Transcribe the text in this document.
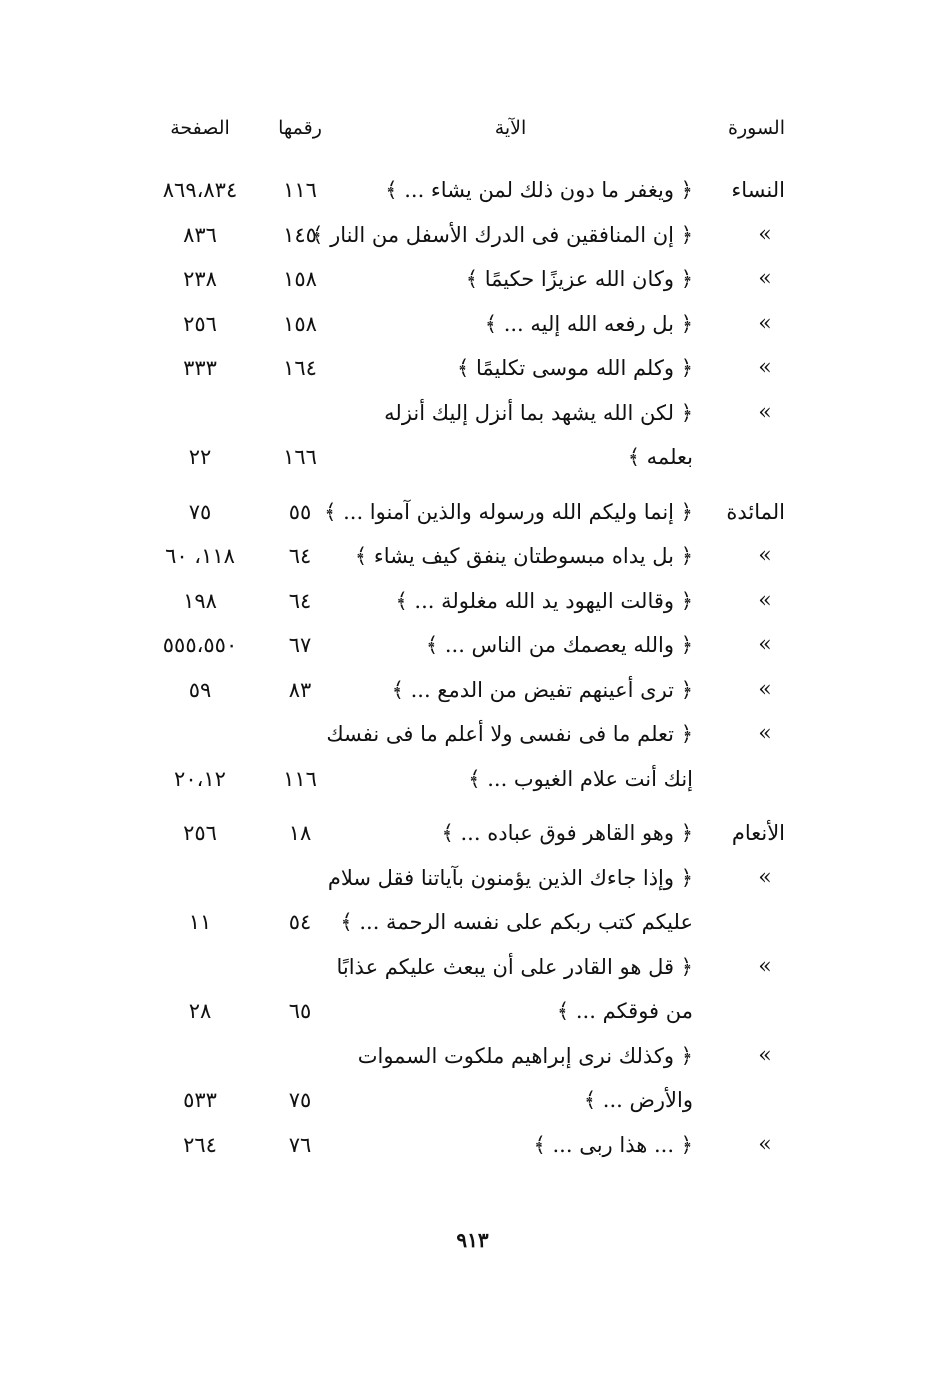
السورة
الآية
رقمها
الصفحة
النساء
﴿ ويغفر ما دون ذلك لمن يشاء ... ﴾
١١٦
٨٦٩،٨٣٤
»
﴿ إن المنافقين فى الدرك الأسفل من النار ﴾
١٤٥
٨٣٦
»
﴿ وكان الله عزيزًا حكيمًا ﴾
١٥٨
٢٣٨
»
﴿ بل رفعه الله إليه ... ﴾
١٥٨
٢٥٦
»
﴿ وكلم الله موسى تكليمًا ﴾
١٦٤
٣٣٣
»
﴿ لكن الله يشهد بما أنزل إليك أنزله
بعلمه ﴾
١٦٦
٢٢
المائدة
﴿ إنما وليكم الله ورسوله والذين آمنوا ... ﴾
٥٥
٧٥
»
﴿ بل يداه مبسوطتان ينفق كيف يشاء ﴾
٦٤
١١٨، ٦٠
»
﴿ وقالت اليهود يد الله مغلولة ... ﴾
٦٤
١٩٨
»
﴿ والله يعصمك من الناس ... ﴾
٦٧
٥٥٥،٥٥٠
»
﴿ ترى أعينهم تفيض من الدمع ... ﴾
٨٣
٥٩
»
﴿ تعلم ما فى نفسى ولا أعلم ما فى نفسك
إنك أنت علام الغيوب ... ﴾
١١٦
٢٠،١٢
الأنعام
﴿ وهو القاهر فوق عباده ... ﴾
١٨
٢٥٦
»
﴿ وإذا جاءك الذين يؤمنون بآياتنا فقل سلام
عليكم كتب ربكم على نفسه الرحمة ... ﴾
٥٤
١١
»
﴿ قل هو القادر على أن يبعث عليكم عذابًا
من فوقكم ... ﴾
٦٥
٢٨
»
﴿ وكذلك نرى إبراهيم ملكوت السموات
والأرض ... ﴾
٧٥
٥٣٣
»
﴿ ... هذا ربى ... ﴾
٧٦
٢٦٤
٩١٣
